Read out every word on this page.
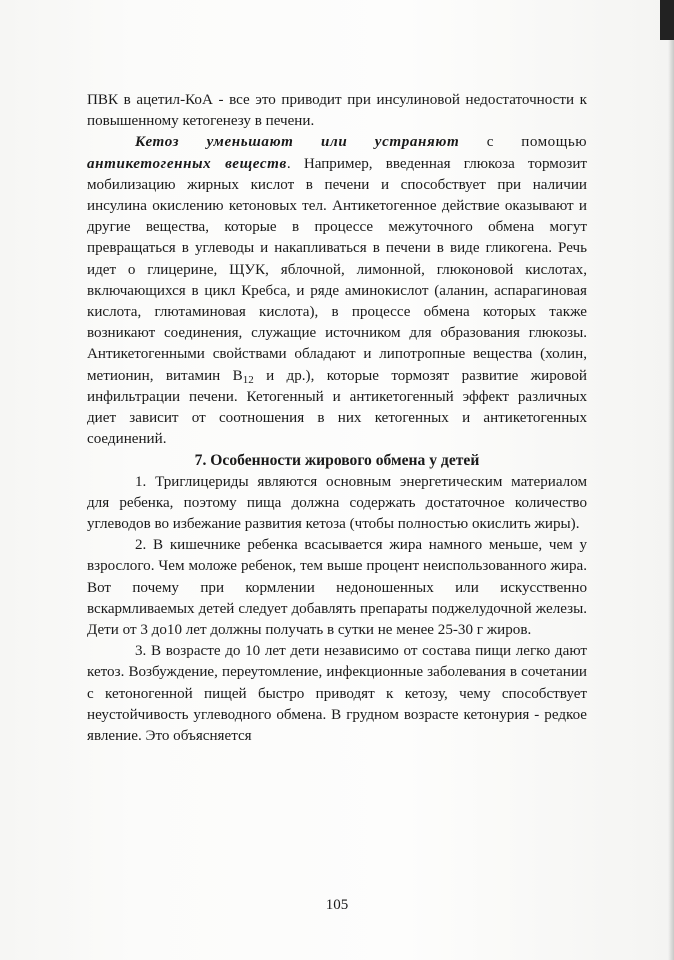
ПВК в ацетил-КоА - все это приводит при инсулиновой недостаточности к повышенному кетогенезу в печени.

Кетоз уменьшают или устраняют с помощью антикетогенных веществ. Например, введенная глюкоза тормозит мобилизацию жирных кислот в печени и способствует при наличии инсулина окислению кетоновых тел. Антикетогенное действие оказывают и другие вещества, которые в процессе межуточного обмена могут превращаться в углеводы и накапливаться в печени в виде гликогена. Речь идет о глицерине, ЩУК, яблочной, лимонной, глюконовой кислотах, включающихся в цикл Кребса, и ряде аминокислот (аланин, аспарагиновая кислота, глютаминовая кислота), в процессе обмена которых также возникают соединения, служащие источником для образования глюкозы. Антикетогенными свойствами обладают и липотропные вещества (холин, метионин, витамин $В_{12}$ и др.), которые тормозят развитие жировой инфильтрации печени. Кетогенный и антикетогенный эффект различных диет зависит от соотношения в них кетогенных и антикетогенных соединений.

7. Особенности жирового обмена у детей

1. Триглицериды являются основным энергетическим материалом для ребенка, поэтому пища должна содержать достаточное количество углеводов во избежание развития кетоза (чтобы полностью окислить жиры).

2. В кишечнике ребенка всасывается жира намного меньше, чем у взрослого. Чем моложе ребенок, тем выше процент неиспользованного жира. Вот почему при кормлении недоношенных или искусственно вскармливаемых детей следует добавлять препараты поджелудочной железы. Дети от 3 до10 лет должны получать в сутки не менее 25-30 г жиров.

3. В возрасте до 10 лет дети независимо от состава пищи легко дают кетоз. Возбуждение, переутомление, инфекционные заболевания в сочетании с кетоногенной пищей быстро приводят к кетозу, чему способствует неустойчивость углеводного обмена. В грудном возрасте кетонурия - редкое явление. Это объясняется

105
